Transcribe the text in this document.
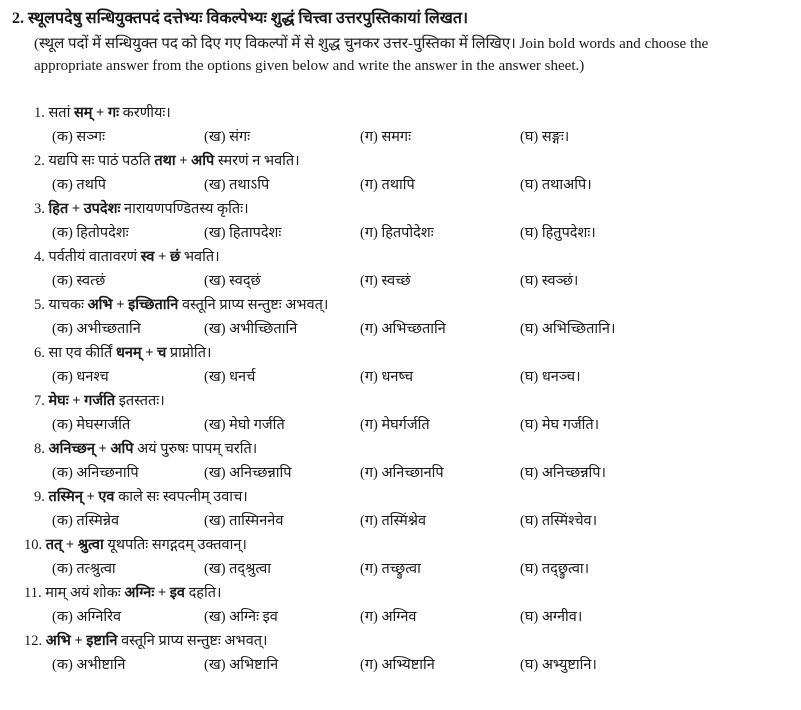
2. स्थूलपदेषु सन्धियुक्तपदं दत्तेभ्यः विकल्पेभ्यः शुद्धं चित्त्वा उत्तरपुस्तिकायां लिखत।
(स्थूल पदों में सन्धियुक्त पद को दिए गए विकल्पों में से शुद्ध चुनकर उत्तर-पुस्तिका में लिखिए। Join bold words and choose the appropriate answer from the options given below and write the answer in the answer sheet.)
1. सतां सम् + गः करणीयः।
(क) सञ्गः	(ख) संगः	(ग) समगः	(घ) सङ्गः।
2. यद्यपि सः पाठं पठति तथा + अपि स्मरणं न भवति।
(क) तथपि	(ख) तथाऽपि	(ग) तथापि	(घ) तथाअपि।
3. हित + उपदेशः नारायणपण्डितस्य कृतिः।
(क) हितोपदेशः	(ख) हितापदेशः	(ग) हितपोदेशः	(घ) हितुपदेशः।
4. पर्वतीयं वातावरणं स्व + छं भवति।
(क) स्वत्छं	(ख) स्वद्छं	(ग) स्वच्छं	(घ) स्वञ्छं।
5. याचकः अभि + इच्छितानि वस्तूनि प्राप्य सन्तुष्टः अभवत्।
(क) अभीच्छतानि	(ख) अभीच्छितानि	(ग) अभिच्छतानि	(घ) अभिच्छितानि।
6. सा एव कीर्तिं धनम् + च प्राप्नोति।
(क) धनश्च	(ख) धनर्च	(ग) धनष्च	(घ) धनञ्च।
7. मेघः + गर्जति इतस्ततः।
(क) मेघस्गर्जति	(ख) मेघो गर्जति	(ग) मेघर्गर्जति	(घ) मेघ गर्जति।
8. अनिच्छन् + अपि अयं पुरुषः पापम् चरति।
(क) अनिच्छनापि	(ख) अनिच्छन्नापि	(ग) अनिच्छानपि	(घ) अनिच्छन्नपि।
9. तस्मिन् + एव काले सः स्वपत्नीम् उवाच।
(क) तस्मिन्नेव	(ख) तास्मिननेव	(ग) तस्मिंश्नेव	(घ) तस्मिंश्चेव।
10. तत् + श्रुत्वा यूथपतिः सगद्गदम् उक्तवान्।
(क) तत्श्रुत्वा	(ख) तद्श्रुत्वा	(ग) तच्छ्रुत्वा	(घ) तद्छ्रुत्वा।
11. माम् अयं शोकः अग्निः + इव दहति।
(क) अग्निरिव	(ख) अग्निः इव	(ग) अग्निव	(घ) अग्नीव।
12. अभि + इष्टानि वस्तूनि प्राप्य सन्तुष्टः अभवत्।
(क) अभीष्टानि	(ख) अभिष्टानि	(ग) अभ्यिष्टानि	(घ) अभ्युष्टानि।
